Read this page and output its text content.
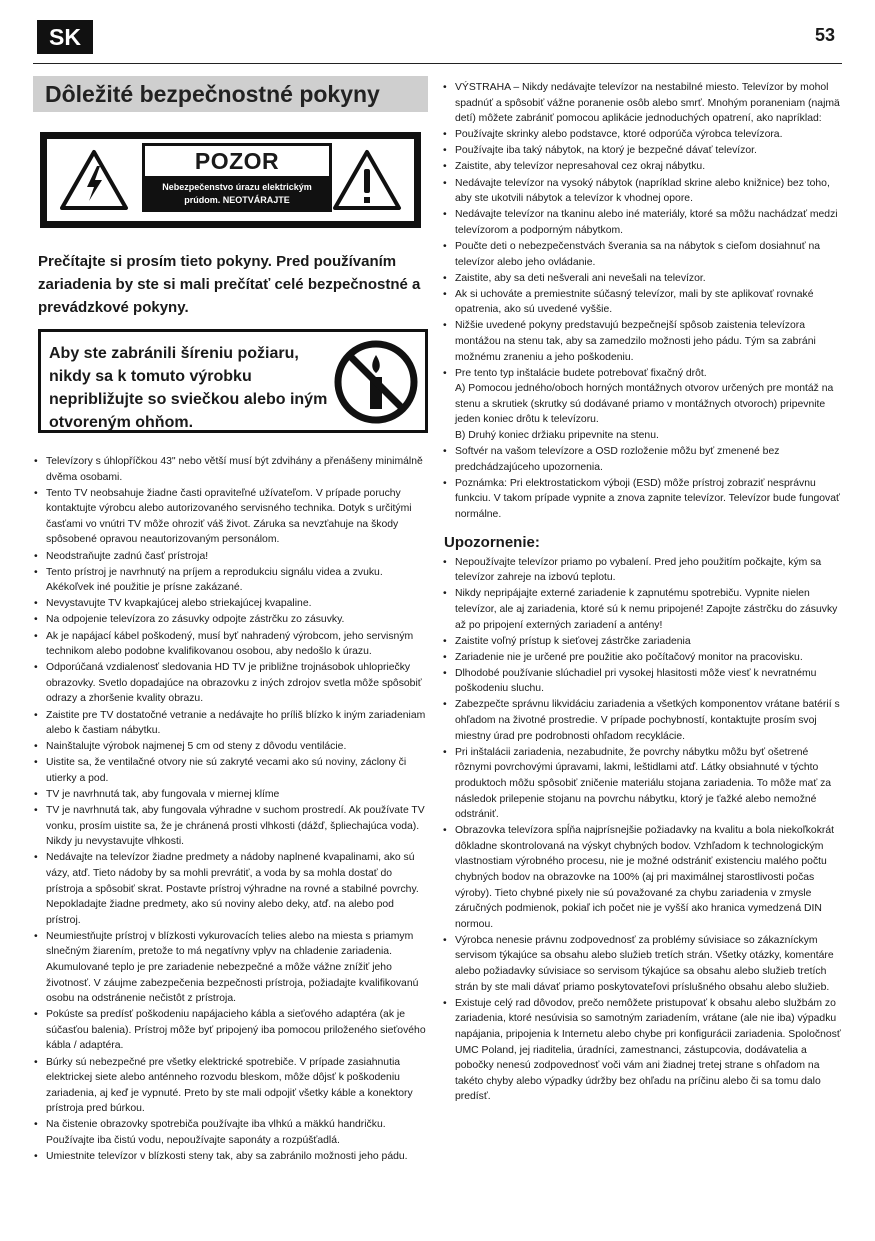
SK	53
Dôležité bezpečnostné pokyny
POZOR
Nebezpečenstvo úrazu elektrickým
prúdom. NEOTVÁRAJTE
Prečítajte si prosím tieto pokyny. Pred používaním zariadenia by ste si mali prečítať celé bezpečnostné a prevádzkové pokyny.
Aby ste zabránili šíreniu požiaru, nikdy sa k tomuto výrobku nepribližujte so sviečkou alebo iným otvoreným ohňom.
• Televízory s úhlopříčkou 43" nebo větší musí být zdvihány a přenášeny minimálně dvěma osobami.
• Tento TV neobsahuje žiadne časti opraviteľné užívateľom. V prípade poruchy kontaktujte výrobcu alebo autorizovaného servisného technika. Dotyk s určitými časťami vo vnútri TV môže ohroziť váš život. Záruka sa nevzťahuje na škody spôsobené opravou neautorizovaným personálom.
• Neodstraňujte zadnú časť prístroja!
• Tento prístroj je navrhnutý na príjem a reprodukciu signálu videa a zvuku. Akékoľvek iné použitie je prísne zakázané.
• Nevystavujte TV kvapkajúcej alebo striekajúcej kvapaline.
• Na odpojenie televízora zo zásuvky odpojte zástrčku zo zásuvky.
• Ak je napájací kábel poškodený, musí byť nahradený výrobcom, jeho servisným technikom alebo podobne kvalifikovanou osobou, aby nedošlo k úrazu.
• Odporúčaná vzdialenosť sledovania HD TV je približne trojnásobok uhlopriečky obrazovky. Svetlo dopadajúce na obrazovku z iných zdrojov svetla môže spôsobiť odrazy a zhoršenie kvality obrazu.
• Zaistite pre TV dostatočné vetranie a nedávajte ho príliš blízko k iným zariadeniam alebo k častiam nábytku.
• Nainštalujte výrobok najmenej 5 cm od steny z dôvodu ventilácie.
• Uistite sa, že ventilačné otvory nie sú zakryté vecami ako sú noviny, záclony či utierky a pod.
• TV je navrhnutá tak, aby fungovala v miernej klíme
• TV je navrhnutá tak, aby fungovala výhradne v suchom prostredí. Ak používate TV vonku, prosím uistite sa, že je chránená prosti vlhkosti (dážď, špliechajúca voda). Nikdy ju nevystavujte vlhkosti.
• Nedávajte na televízor žiadne predmety a nádoby naplnené kvapalinami, ako sú vázy, atď. Tieto nádoby by sa mohli prevrátiť, a voda by sa mohla dostať do prístroja a spôsobiť skrat. Postavte prístroj výhradne na rovné a stabilné povrchy. Nepokladajte žiadne predmety, ako sú noviny alebo deky, atď. na alebo pod prístroj.
• Neumiestňujte prístroj v blízkosti vykurovacích telies alebo na miesta s priamym slnečným žiarením, pretože to má negatívny vplyv na chladenie zariadenia. Akumulované teplo je pre zariadenie nebezpečné a môže vážne znížiť jeho životnosť. V záujme zabezpečenia bezpečnosti prístroja, požiadajte kvalifikovanú osobu na odstránenie nečistôt z prístroja.
• Pokúste sa predísť poškodeniu napájacieho kábla a sieťového adaptéra (ak je súčasťou balenia). Prístroj môže byť pripojený iba pomocou priloženého sieťového kábla / adaptéra.
• Búrky sú nebezpečné pre všetky elektrické spotrebiče. V prípade zasiahnutia elektrickej siete alebo anténneho rozvodu bleskom, môže dôjsť k poškodeniu zariadenia, aj keď je vypnuté. Preto by ste mali odpojiť všetky káble a konektory prístroja pred búrkou.
• Na čistenie obrazovky spotrebiča používajte iba vlhkú a mäkkú handričku. Používajte iba čistú vodu, nepoužívajte saponáty a rozpúšťadlá.
• Umiestnite televízor v blízkosti steny tak, aby sa zabránilo možnosti jeho pádu.
• VÝSTRAHA – Nikdy nedávajte televízor na nestabilné miesto. Televízor by mohol spadnúť a spôsobiť vážne poranenie osôb alebo smrť. Mnohým poraneniam (najmä detí) môžete zabrániť pomocou aplikácie jednoduchých opatrení, ako napríklad:
• Používajte skrinky alebo podstavce, ktoré odporúča výrobca televízora.
• Používajte iba taký nábytok, na ktorý je bezpečné dávať televízor.
• Zaistite, aby televízor nepresahoval cez okraj nábytku.
• Nedávajte televízor na vysoký nábytok (napríklad skrine alebo knižnice) bez toho, aby ste ukotvili nábytok a televízor k vhodnej opore.
• Nedávajte televízor na tkaninu alebo iné materiály, ktoré sa môžu nachádzať medzi televízorom a podporným nábytkom.
• Poučte deti o nebezpečenstvách šverania sa na nábytok s cieľom dosiahnuť na televízor alebo jeho ovládanie.
• Zaistite, aby sa deti nešverali ani nevešali na televízor.
• Ak si uchováte a premiestnite súčasný televízor, mali by ste aplikovať rovnaké opatrenia, ako sú uvedené vyššie.
• Nižšie uvedené pokyny predstavujú bezpečnejší spôsob zaistenia televízora montážou na stenu tak, aby sa zamedzilo možnosti jeho pádu. Tým sa zabráni možnému zraneniu a jeho poškodeniu.
• Pre tento typ inštalácie budete potrebovať fixačný drôt.
A) Pomocou jedného/oboch horných montážnych otvorov určených pre montáž na stenu a skrutiek (skrutky sú dodávané priamo v montážnych otvoroch) pripevnite jeden koniec drôtu k televízoru.
B) Druhý koniec držiaku pripevnite na stenu.
• Softvér na vašom televízore a OSD rozloženie môžu byť zmenené bez predchádzajúceho upozornenia.
• Poznámka: Pri elektrostatickom výboji (ESD) môže prístroj zobraziť nesprávnu funkciu. V takom prípade vypnite a znova zapnite televízor. Televízor bude fungovať normálne.
Upozornenie:
• Nepoužívajte televízor priamo po vybalení. Pred jeho použitím počkajte, kým sa televízor zahreje na izbovú teplotu.
• Nikdy nepripájajte externé zariadenie k zapnutému spotrebiču. Vypnite nielen televízor, ale aj zariadenia, ktoré sú k nemu pripojené! Zapojte zástrčku do zásuvky až po pripojení externých zariadení a antény!
• Zaistite voľný prístup k sieťovej zástrčke zariadenia
• Zariadenie nie je určené pre použitie ako počítačový monitor na pracovisku.
• Dlhodobé používanie slúchadiel pri vysokej hlasitosti môže viesť k nevratnému poškodeniu sluchu.
• Zabezpečte správnu likvidáciu zariadenia a všetkých komponentov vrátane batérií s ohľadom na životné prostredie. V prípade pochybností, kontaktujte prosím svoj miestny úrad pre podrobnosti ohľadom recyklácie.
• Pri inštalácii zariadenia, nezabudnite, že povrchy nábytku môžu byť ošetrené rôznymi povrchovými úpravami, lakmi, leštidlami atď. Látky obsiahnuté v týchto produktoch môžu spôsobiť zničenie materiálu stojana zariadenia. To môže mať za následok prilepenie stojanu na povrchu nábytku, ktorý je ťažké alebo nemožné odstrániť.
• Obrazovka televízora spĺňa najprísnejšie požiadavky na kvalitu a bola niekoľkokrát dôkladne skontrolovaná na výskyt chybných bodov. Vzhľadom k technologickým vlastnostiam výrobného procesu, nie je možné odstrániť existenciu malého počtu chybných bodov na obrazovke na 100% (aj pri maximálnej starostlivosti počas výroby). Tieto chybné pixely nie sú považované za chybu zariadenia v zmysle záručných podmienok, pokiaľ ich počet nie je vyšší ako hranica vymedzená DIN normou.
• Výrobca nenesie právnu zodpovednosť za problémy súvisiace so zákazníckym servisom týkajúce sa obsahu alebo služieb tretích strán. Všetky otázky, komentáre alebo požiadavky súvisiace so servisom týkajúce sa obsahu alebo služieb tretích strán by ste mali dávať priamo poskytovateľovi príslušného obsahu alebo služieb.
• Existuje celý rad dôvodov, prečo nemôžete pristupovať k obsahu alebo službám zo zariadenia, ktoré nesúvisia so samotným zariadením, vrátane (ale nie iba) výpadku napájania, pripojenia k Internetu alebo chybe pri konfigurácii zariadenia. Spoločnosť UMC Poland, jej riaditelia, úradníci, zamestnanci, zástupcovia, dodávatelia a pobočky nenesú zodpovednosť voči vám ani žiadnej tretej strane s ohľadom na takéto chyby alebo výpadky údržby bez ohľadu na príčinu alebo či sa tomu dalo predísť.
